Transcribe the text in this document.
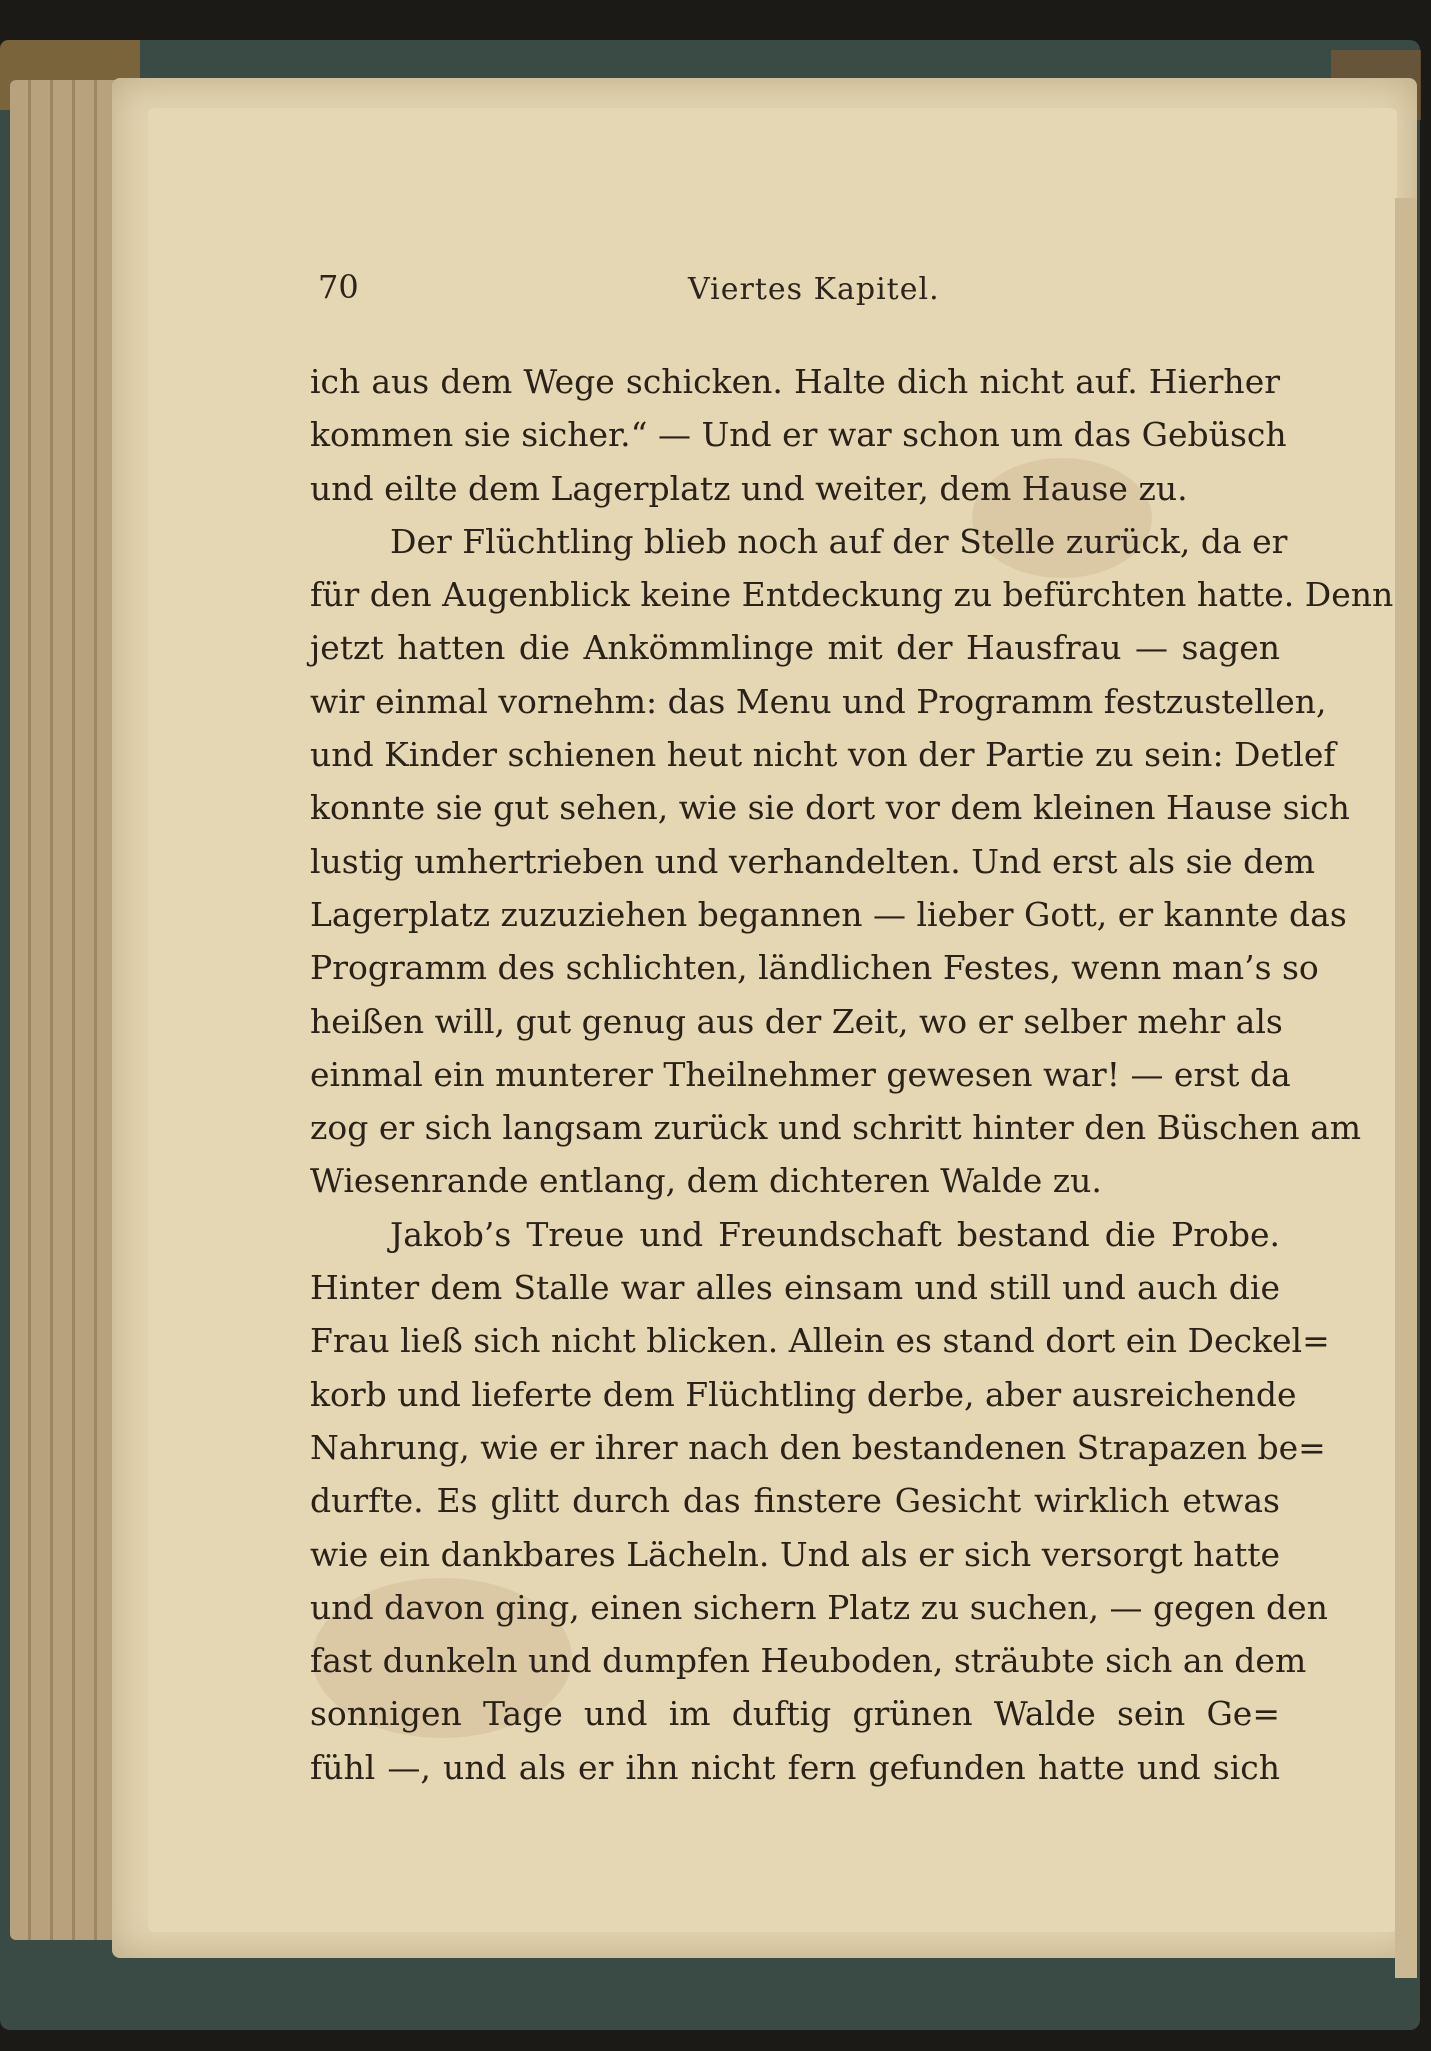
70	Viertes Kapitel.
ich aus dem Wege schicken. Halte dich nicht auf. Hierher
kommen sie sicher.“ — Und er war schon um das Gebüsch
und eilte dem Lagerplatz und weiter, dem Hause zu.
Der Flüchtling blieb noch auf der Stelle zurück, da er
für den Augenblick keine Entdeckung zu befürchten hatte. Denn
jetzt hatten die Ankömmlinge mit der Hausfrau — sagen
wir einmal vornehm: das Menu und Programm festzustellen,
und Kinder schienen heut nicht von der Partie zu sein: Detlef
konnte sie gut sehen, wie sie dort vor dem kleinen Hause sich
lustig umhertrieben und verhandelten. Und erst als sie dem
Lagerplatz zuzuziehen begannen — lieber Gott, er kannte das
Programm des schlichten, ländlichen Festes, wenn man’s so
heißen will, gut genug aus der Zeit, wo er selber mehr als
einmal ein munterer Theilnehmer gewesen war! — erst da
zog er sich langsam zurück und schritt hinter den Büschen am
Wiesenrande entlang, dem dichteren Walde zu.
Jakob’s Treue und Freundschaft bestand die Probe.
Hinter dem Stalle war alles einsam und still und auch die
Frau ließ sich nicht blicken. Allein es stand dort ein Deckel=
korb und lieferte dem Flüchtling derbe, aber ausreichende
Nahrung, wie er ihrer nach den bestandenen Strapazen be=
durfte. Es glitt durch das finstere Gesicht wirklich etwas
wie ein dankbares Lächeln. Und als er sich versorgt hatte
und davon ging, einen sichern Platz zu suchen, — gegen den
fast dunkeln und dumpfen Heuboden, sträubte sich an dem
sonnigen Tage und im duftig grünen Walde sein Ge=
fühl —, und als er ihn nicht fern gefunden hatte und sich
